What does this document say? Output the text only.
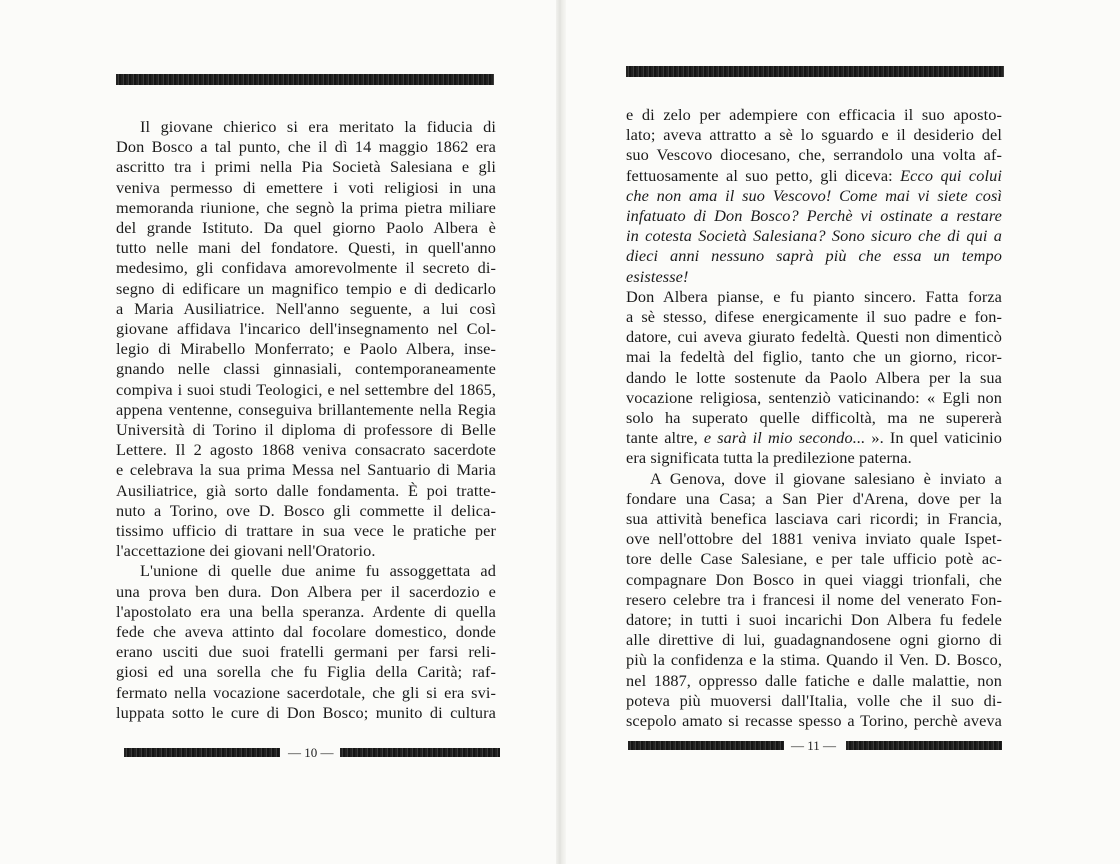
Il giovane chierico si era meritato la fiducia di

Don Bosco a tal punto, che il dì 14 maggio 1862 era

ascritto tra i primi nella Pia Società Salesiana e gli

veniva permesso di emettere i voti religiosi in una

memoranda riunione, che segnò la prima pietra miliare

del grande Istituto. Da quel giorno Paolo Albera è

tutto nelle mani del fondatore. Questi, in quell'anno

medesimo, gli confidava amorevolmente il secreto di-

segno di edificare un magnifico tempio e di dedicarlo

a Maria Ausiliatrice. Nell'anno seguente, a lui così

giovane affidava l'incarico dell'insegnamento nel Col-

legio di Mirabello Monferrato; e Paolo Albera, inse-

gnando nelle classi ginnasiali, contemporaneamente

compiva i suoi studi Teologici, e nel settembre del 1865,

appena ventenne, conseguiva brillantemente nella Regia

Università di Torino il diploma di professore di Belle

Lettere. Il 2 agosto 1868 veniva consacrato sacerdote

e celebrava la sua prima Messa nel Santuario di Maria

Ausiliatrice, già sorto dalle fondamenta. È poi tratte-

nuto a Torino, ove D. Bosco gli commette il delica-

tissimo ufficio di trattare in sua vece le pratiche per

l'accettazione dei giovani nell'Oratorio.

L'unione di quelle due anime fu assoggettata ad

una prova ben dura. Don Albera per il sacerdozio e

l'apostolato era una bella speranza. Ardente di quella

fede che aveva attinto dal focolare domestico, donde

erano usciti due suoi fratelli germani per farsi reli-

giosi ed una sorella che fu Figlia della Carità; raf-

fermato nella vocazione sacerdotale, che gli si era svi-

luppata sotto le cure di Don Bosco; munito di cultura

— 10 —

e di zelo per adempiere con efficacia il suo aposto-

lato; aveva attratto a sè lo sguardo e il desiderio del

suo Vescovo diocesano, che, serrandolo una volta af-

fettuosamente al suo petto, gli diceva: Ecco qui colui

che non ama il suo Vescovo! Come mai vi siete così

infatuato di Don Bosco? Perchè vi ostinate a restare

in cotesta Società Salesiana? Sono sicuro che di qui a

dieci anni nessuno saprà più che essa un tempo esistesse!

Don Albera pianse, e fu pianto sincero. Fatta forza

a sè stesso, difese energicamente il suo padre e fon-

datore, cui aveva giurato fedeltà. Questi non dimenticò

mai la fedeltà del figlio, tanto che un giorno, ricor-

dando le lotte sostenute da Paolo Albera per la sua

vocazione religiosa, sentenziò vaticinando: « Egli non

solo ha superato quelle difficoltà, ma ne supererà

tante altre, e sarà il mio secondo... ». In quel vaticinio

era significata tutta la predilezione paterna.

A Genova, dove il giovane salesiano è inviato a

fondare una Casa; a San Pier d'Arena, dove per la

sua attività benefica lasciava cari ricordi; in Francia,

ove nell'ottobre del 1881 veniva inviato quale Ispet-

tore delle Case Salesiane, e per tale ufficio potè ac-

compagnare Don Bosco in quei viaggi trionfali, che

resero celebre tra i francesi il nome del venerato Fon-

datore; in tutti i suoi incarichi Don Albera fu fedele

alle direttive di lui, guadagnandosene ogni giorno di

più la confidenza e la stima. Quando il Ven. D. Bosco,

nel 1887, oppresso dalle fatiche e dalle malattie, non

poteva più muoversi dall'Italia, volle che il suo di-

scepolo amato si recasse spesso a Torino, perchè aveva

— 11 —
